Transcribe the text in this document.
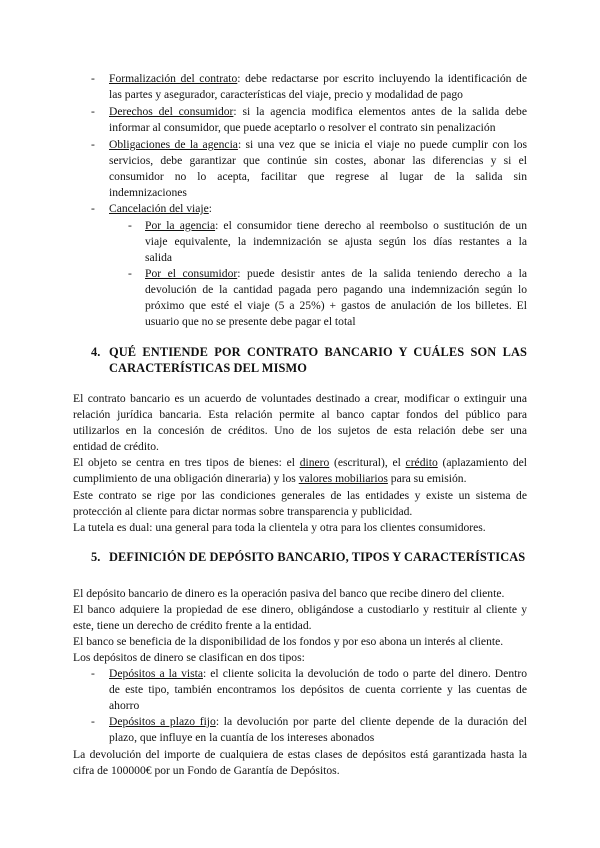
- Formalización del contrato: debe redactarse por escrito incluyendo la identificación de
las partes y asegurador, características del viaje, precio y modalidad de pago
- Derechos del consumidor: si la agencia modifica elementos antes de la salida debe
informar al consumidor, que puede aceptarlo o resolver el contrato sin penalización
- Obligaciones de la agencia: si una vez que se inicia el viaje no puede cumplir con los
servicios, debe garantizar que continúe sin costes, abonar las diferencias y si el
consumidor no lo acepta, facilitar que regrese al lugar de la salida sin
indemnizaciones
- Cancelación del viaje:
- Por la agencia: el consumidor tiene derecho al reembolso o sustitución de un
viaje equivalente, la indemnización se ajusta según los días restantes a la
salida
- Por el consumidor: puede desistir antes de la salida teniendo derecho a la
devolución de la cantidad pagada pero pagando una indemnización según lo
próximo que esté el viaje (5 a 25%) + gastos de anulación de los billetes. El
usuario que no se presente debe pagar el total
4. QUÉ ENTIENDE POR CONTRATO BANCARIO Y CUÁLES SON LAS
CARACTERÍSTICAS DEL MISMO
El contrato bancario es un acuerdo de voluntades destinado a crear, modificar o extinguir una
relación jurídica bancaria. Esta relación permite al banco captar fondos del público para
utilizarlos en la concesión de créditos. Uno de los sujetos de esta relación debe ser una
entidad de crédito.
El objeto se centra en tres tipos de bienes: el dinero (escritural), el crédito (aplazamiento del
cumplimiento de una obligación dineraria) y los valores mobiliarios para su emisión.
Este contrato se rige por las condiciones generales de las entidades y existe un sistema de
protección al cliente para dictar normas sobre transparencia y publicidad.
La tutela es dual: una general para toda la clientela y otra para los clientes consumidores.
5. DEFINICIÓN DE DEPÓSITO BANCARIO, TIPOS Y CARACTERÍSTICAS
El depósito bancario de dinero es la operación pasiva del banco que recibe dinero del cliente.
El banco adquiere la propiedad de ese dinero, obligándose a custodiarlo y restituir al cliente y
este, tiene un derecho de crédito frente a la entidad.
El banco se beneficia de la disponibilidad de los fondos y por eso abona un interés al cliente.
Los depósitos de dinero se clasifican en dos tipos:
- Depósitos a la vista: el cliente solicita la devolución de todo o parte del dinero. Dentro
de este tipo, también encontramos los depósitos de cuenta corriente y las cuentas de
ahorro
- Depósitos a plazo fijo: la devolución por parte del cliente depende de la duración del
plazo, que influye en la cuantía de los intereses abonados
La devolución del importe de cualquiera de estas clases de depósitos está garantizada hasta la
cifra de 100000€ por un Fondo de Garantía de Depósitos.
